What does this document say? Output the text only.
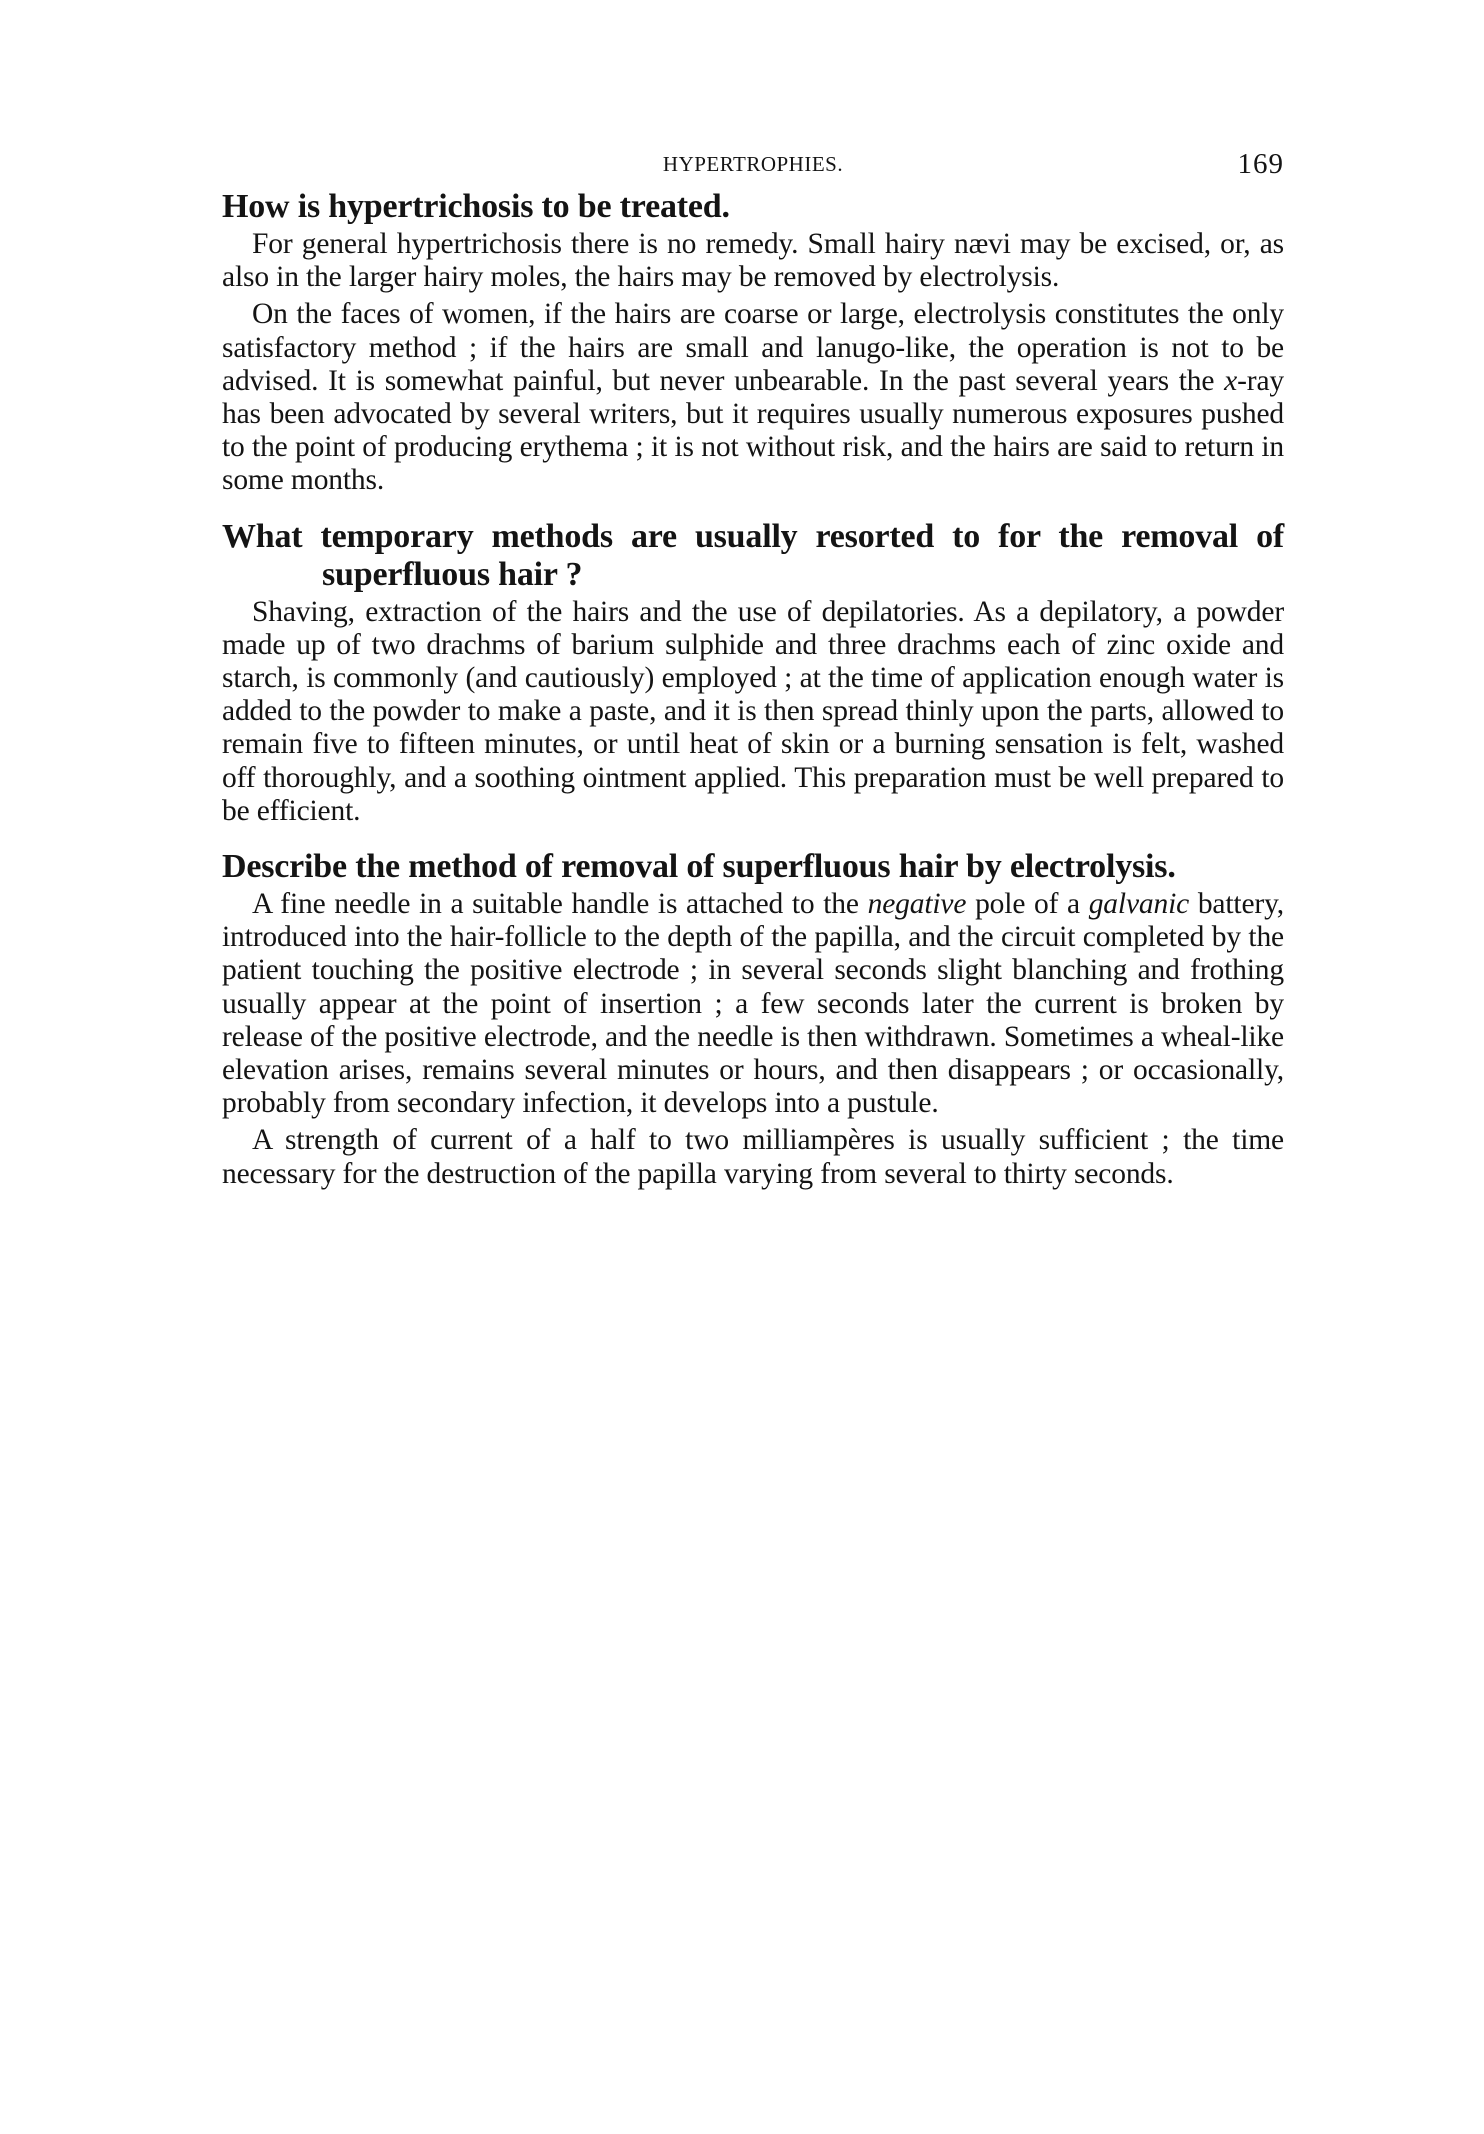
HYPERTROPHIES.	169
How is hypertrichosis to be treated.

For general hypertrichosis there is no remedy. Small hairy nævi may be excised, or, as also in the larger hairy moles, the hairs may be removed by electrolysis.

On the faces of women, if the hairs are coarse or large, electrolysis constitutes the only satisfactory method ; if the hairs are small and lanugo-like, the operation is not to be advised. It is somewhat painful, but never unbearable. In the past several years the x-ray has been advocated by several writers, but it requires usually numerous exposures pushed to the point of producing erythema ; it is not without risk, and the hairs are said to return in some months.

What temporary methods are usually resorted to for the removal of superfluous hair ?

Shaving, extraction of the hairs and the use of depilatories. As a depilatory, a powder made up of two drachms of barium sulphide and three drachms each of zinc oxide and starch, is commonly (and cautiously) employed ; at the time of application enough water is added to the powder to make a paste, and it is then spread thinly upon the parts, allowed to remain five to fifteen minutes, or until heat of skin or a burning sensation is felt, washed off thoroughly, and a soothing ointment applied. This preparation must be well prepared to be efficient.

Describe the method of removal of superfluous hair by electrolysis.

A fine needle in a suitable handle is attached to the negative pole of a galvanic battery, introduced into the hair-follicle to the depth of the papilla, and the circuit completed by the patient touching the positive electrode ; in several seconds slight blanching and frothing usually appear at the point of insertion ; a few seconds later the current is broken by release of the positive electrode, and the needle is then withdrawn. Sometimes a wheal-like elevation arises, remains several minutes or hours, and then disappears ; or occasionally, probably from secondary infection, it develops into a pustule.

A strength of current of a half to two milliampères is usually sufficient ; the time necessary for the destruction of the papilla varying from several to thirty seconds.
